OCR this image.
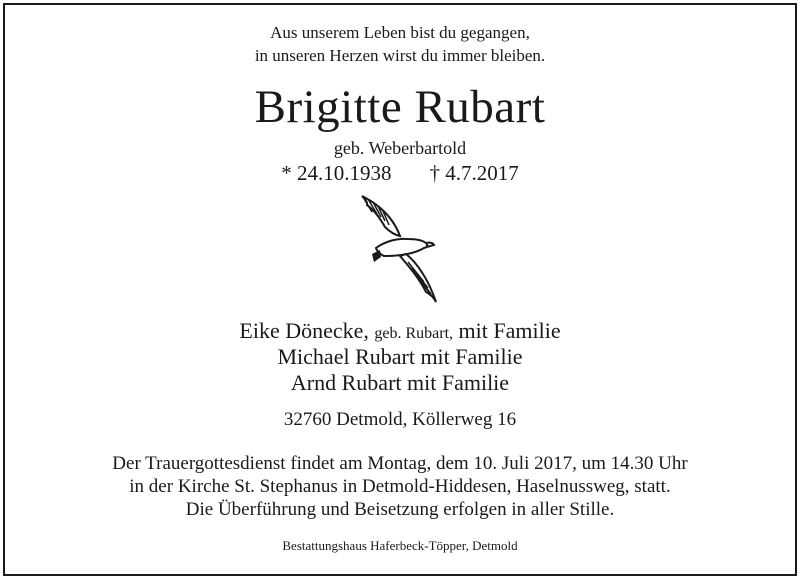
Aus unserem Leben bist du gegangen,
in unseren Herzen wirst du immer bleiben.
Brigitte Rubart
geb. Weberbartold
* 24.10.1938 † 4.7.2017
Eike Dönecke, geb. Rubart, mit Familie
Michael Rubart mit Familie
Arnd Rubart mit Familie
32760 Detmold, Köllerweg 16
Der Trauergottesdienst findet am Montag, dem 10. Juli 2017, um 14.30 Uhr
in der Kirche St. Stephanus in Detmold-Hiddesen, Haselnussweg, statt.
Die Überführung und Beisetzung erfolgen in aller Stille.
Bestattungshaus Haferbeck-Töpper, Detmold
